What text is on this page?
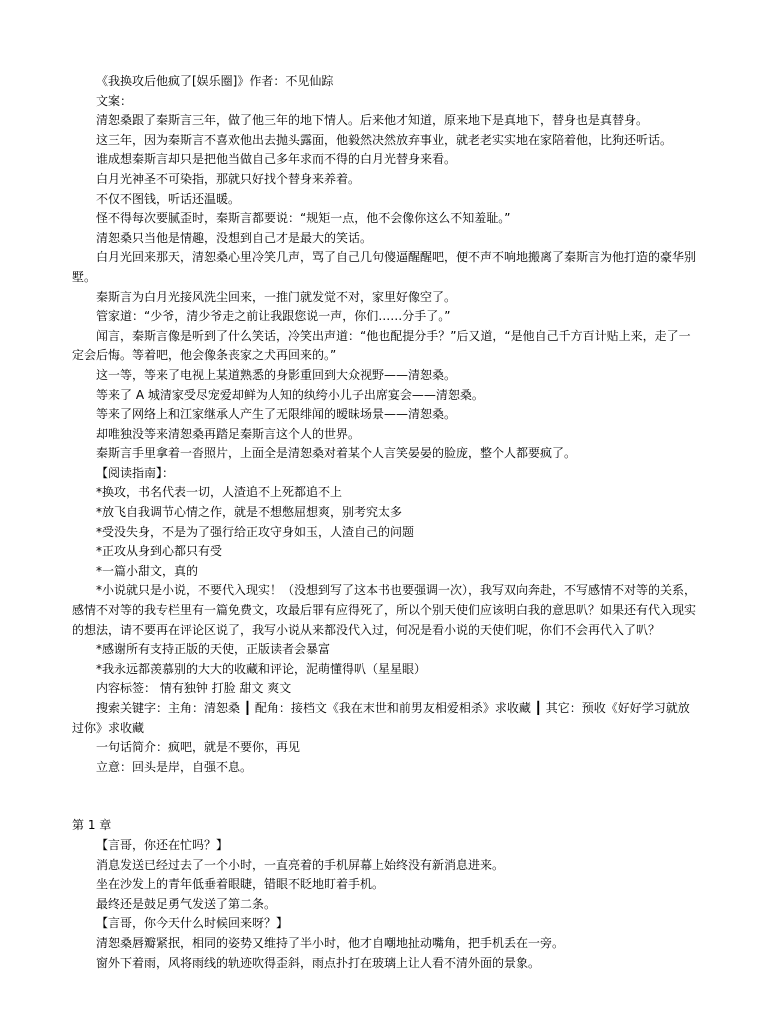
《我换攻后他疯了[娱乐圈]》作者：不见仙踪

文案：

清恕桑跟了秦斯言三年，做了他三年的地下情人。后来他才知道，原来地下是真地下，替身也是真替身。

这三年，因为秦斯言不喜欢他出去抛头露面，他毅然决然放弃事业，就老老实实地在家陪着他，比狗还听话。

谁成想秦斯言却只是把他当做自己多年求而不得的白月光替身来看。

白月光神圣不可染指，那就只好找个替身来养着。

不仅不图钱，听话还温暖。

怪不得每次要腻歪时，秦斯言都要说：“规矩一点，他不会像你这么不知羞耻。”

清恕桑只当他是情趣，没想到自己才是最大的笑话。

白月光回来那天，清恕桑心里冷笑几声，骂了自己几句傻逼醒醒吧，便不声不响地搬离了秦斯言为他打造的豪华别墅。

秦斯言为白月光接风洗尘回来，一推门就发觉不对，家里好像空了。

管家道：“少爷，清少爷走之前让我跟您说一声，你们……分手了。”

闻言，秦斯言像是听到了什么笑话，冷笑出声道：“他也配提分手？”后又道，“是他自己千方百计贴上来，走了一定会后悔。等着吧，他会像条丧家之犬再回来的。”

这一等，等来了电视上某道熟悉的身影重回到大众视野——清恕桑。

等来了 A 城清家受尽宠爱却鲜为人知的纨绔小儿子出席宴会——清恕桑。

等来了网络上和江家继承人产生了无限绯闻的暧昧场景——清恕桑。

却唯独没等来清恕桑再踏足秦斯言这个人的世界。

秦斯言手里拿着一沓照片，上面全是清恕桑对着某个人言笑晏晏的脸庞，整个人都要疯了。

【阅读指南】：

*换攻，书名代表一切，人渣追不上死都追不上

*放飞自我调节心情之作，就是不想憋屈想爽，别考究太多

*受没失身，不是为了强行给正攻守身如玉，人渣自己的问题

*正攻从身到心都只有受

*一篇小甜文，真的

*小说就只是小说，不要代入现实！（没想到写了这本书也要强调一次），我写双向奔赴，不写感情不对等的关系，感情不对等的我专栏里有一篇免费文，攻最后罪有应得死了，所以个别天使们应该明白我的意思叭？如果还有代入现实的想法，请不要再在评论区说了，我写小说从来都没代入过，何况是看小说的天使们呢，你们不会再代入了叭？

*感谢所有支持正版的天使，正版读者会暴富

*我永远都羡慕别的大大的收藏和评论，泥萌懂得叭（星星眼）

内容标签： 情有独钟 打脸 甜文 爽文

搜索关键字：主角：清恕桑 ┃ 配角：接档文《我在末世和前男友相爱相杀》求收藏 ┃ 其它：预收《好好学习就放过你》求收藏

一句话简介：疯吧，就是不要你，再见

立意：回头是岸，自强不息。

第 1 章

【言哥，你还在忙吗？】

消息发送已经过去了一个小时，一直亮着的手机屏幕上始终没有新消息进来。

坐在沙发上的青年低垂着眼睫，错眼不眨地盯着手机。

最终还是鼓足勇气发送了第二条。

【言哥，你今天什么时候回来呀？】

清恕桑唇瓣紧抿，相同的姿势又维持了半小时，他才自嘲地扯动嘴角，把手机丢在一旁。

窗外下着雨，风将雨线的轨迹吹得歪斜，雨点扑打在玻璃上让人看不清外面的景象。
